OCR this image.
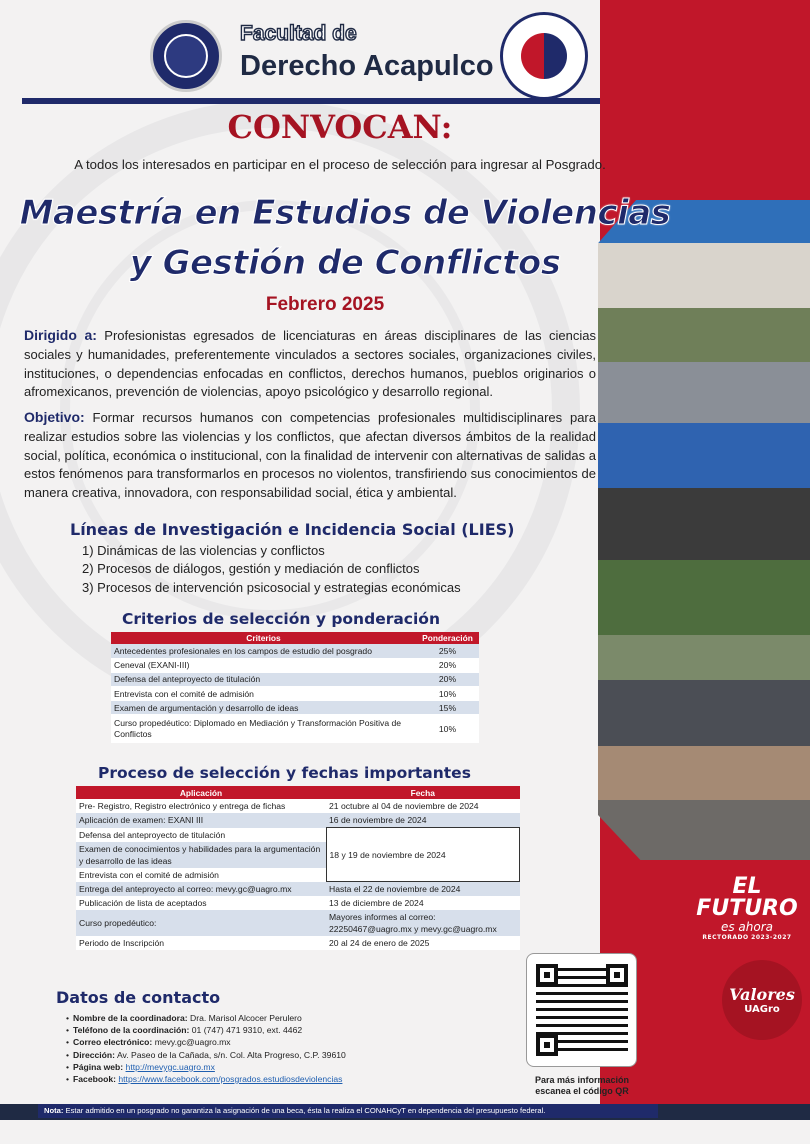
EL FUTURO
es ahora
RECTORADO 2023-2027
Valores
UAGro
Facultad de
Derecho Acapulco
CONVOCAN:
A todos los interesados en participar en el proceso de selección para ingresar al Posgrado.
Maestría en Estudios de Violencias
y Gestión de Conflictos
Febrero 2025
Dirigido a: Profesionistas egresados de licenciaturas en áreas disciplinares de las ciencias sociales y humanidades, preferentemente vinculados a sectores sociales, organizaciones civiles, instituciones, o dependencias enfocadas en conflictos, derechos humanos, pueblos originarios o afromexicanos, prevención de violencias, apoyo psicológico y desarrollo regional.
Objetivo: Formar recursos humanos con competencias profesionales multidisciplinares para realizar estudios sobre las violencias y los conflictos, que afectan diversos ámbitos de la realidad social, política, económica o institucional, con la finalidad de intervenir con alternativas de salidas a estos fenómenos para transformarlos en procesos no violentos, transfiriendo sus conocimientos de manera creativa, innovadora, con responsabilidad social, ética y ambiental.
Líneas de Investigación e Incidencia Social (LIES)
1) Dinámicas de las violencias y conflictos
2) Procesos de diálogos, gestión y mediación de conflictos
3) Procesos de intervención psicosocial y estrategias económicas
Criterios de selección y ponderación
Criterios	Ponderación
Antecedentes profesionales en los campos de estudio del posgrado	25%
Ceneval (EXANI-III)	20%
Defensa del anteproyecto de titulación	20%
Entrevista con el comité de admisión	10%
Examen de argumentación y desarrollo de ideas	15%
Curso propedéutico: Diplomado en Mediación y Transformación Positiva de Conflictos	10%
Proceso de selección y fechas importantes
Aplicación	Fecha
Pre- Registro, Registro electrónico y entrega de fichas	21 octubre al 04 de noviembre de 2024
Aplicación de examen: EXANI III	16 de noviembre de 2024
Defensa del anteproyecto de titulación	18 y 19 de noviembre de 2024
Examen de conocimientos y habilidades para la argumentación y desarrollo de las ideas	
Entrevista con el comité de admisión	
Entrega del anteproyecto al correo: mevy.gc@uagro.mx	Hasta el 22 de noviembre de 2024
Publicación de lista de aceptados	13 de diciembre de 2024
Curso propedéutico:	Mayores informes al correo: 22250467@uagro.mx y mevy.gc@uagro.mx
Periodo de Inscripción	20 al 24 de enero de 2025
Datos de contacto
• Nombre de la coordinadora: Dra. Marisol Alcocer Perulero
• Teléfono de la coordinación: 01 (747) 471 9310, ext. 4462
• Correo electrónico: mevy.gc@uagro.mx
• Dirección: Av. Paseo de la Cañada, s/n. Col. Alta Progreso, C.P. 39610
• Página web: http://mevygc.uagro.mx
• Facebook: https://www.facebook.com/posgrados.estudiosdeviolencias	Para más información
escanea el código QR
Nota: Estar admitido en un posgrado no garantiza la asignación de una beca, ésta la realiza el CONAHCyT en dependencia del presupuesto federal.
